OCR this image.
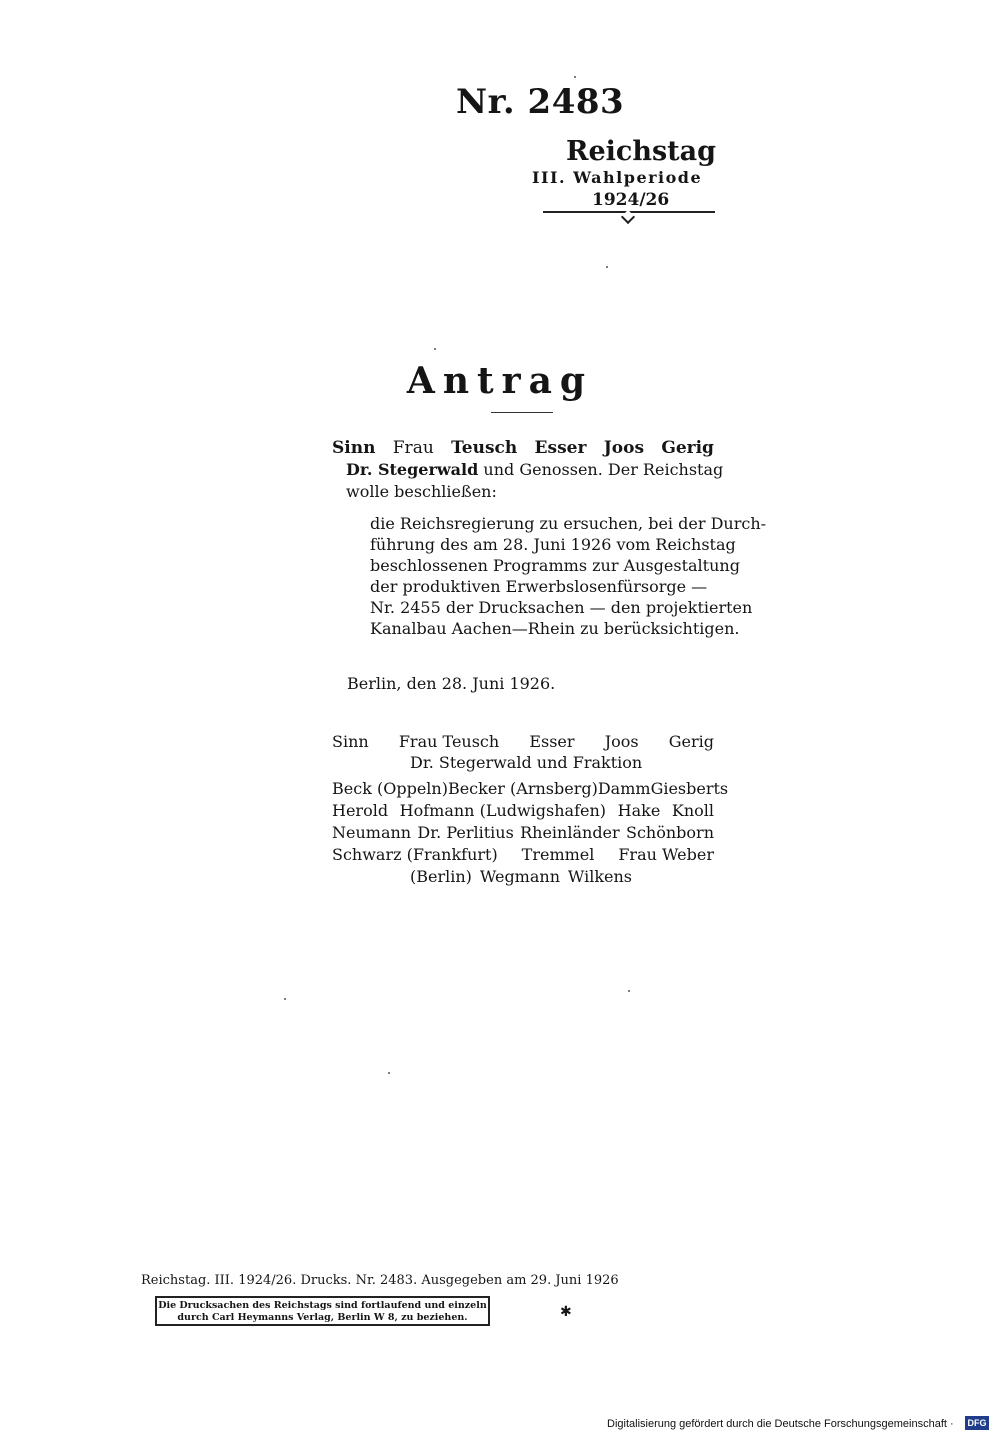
Nr. 2483
Reichstag
III. Wahlperiode
1924/26
Antrag
Sinn Frau Teusch Esser Joos Gerig
Dr. Stegerwald und Genossen. Der Reichstag
wolle beschließen:
die Reichsregierung zu ersuchen, bei der Durch-
führung des am 28. Juni 1926 vom Reichstag
beschlossenen Programms zur Ausgestaltung
der produktiven Erwerbslosenfürsorge —
Nr. 2455 der Drucksachen — den projektierten
Kanalbau Aachen—Rhein zu berücksichtigen.
Berlin, den 28. Juni 1926.
Sinn Frau Teusch Esser Joos Gerig
Dr. Stegerwald und Fraktion
Beck (Oppeln) Becker (Arnsberg) Damm Giesberts
Herold Hofmann (Ludwigshafen) Hake Knoll
Neumann Dr. Perlitius Rheinländer Schönborn
Schwarz (Frankfurt) Tremmel Frau Weber
(Berlin) Wegmann Wilkens
Reichstag. III. 1924/26. Drucks. Nr. 2483. Ausgegeben am 29. Juni 1926
Die Drucksachen des Reichstags sind fortlaufend und einzeln
durch Carl Heymanns Verlag, Berlin W 8, zu beziehen.	✱
Digitalisierung gefördert durch die Deutsche Forschungsgemeinschaft · DFG
